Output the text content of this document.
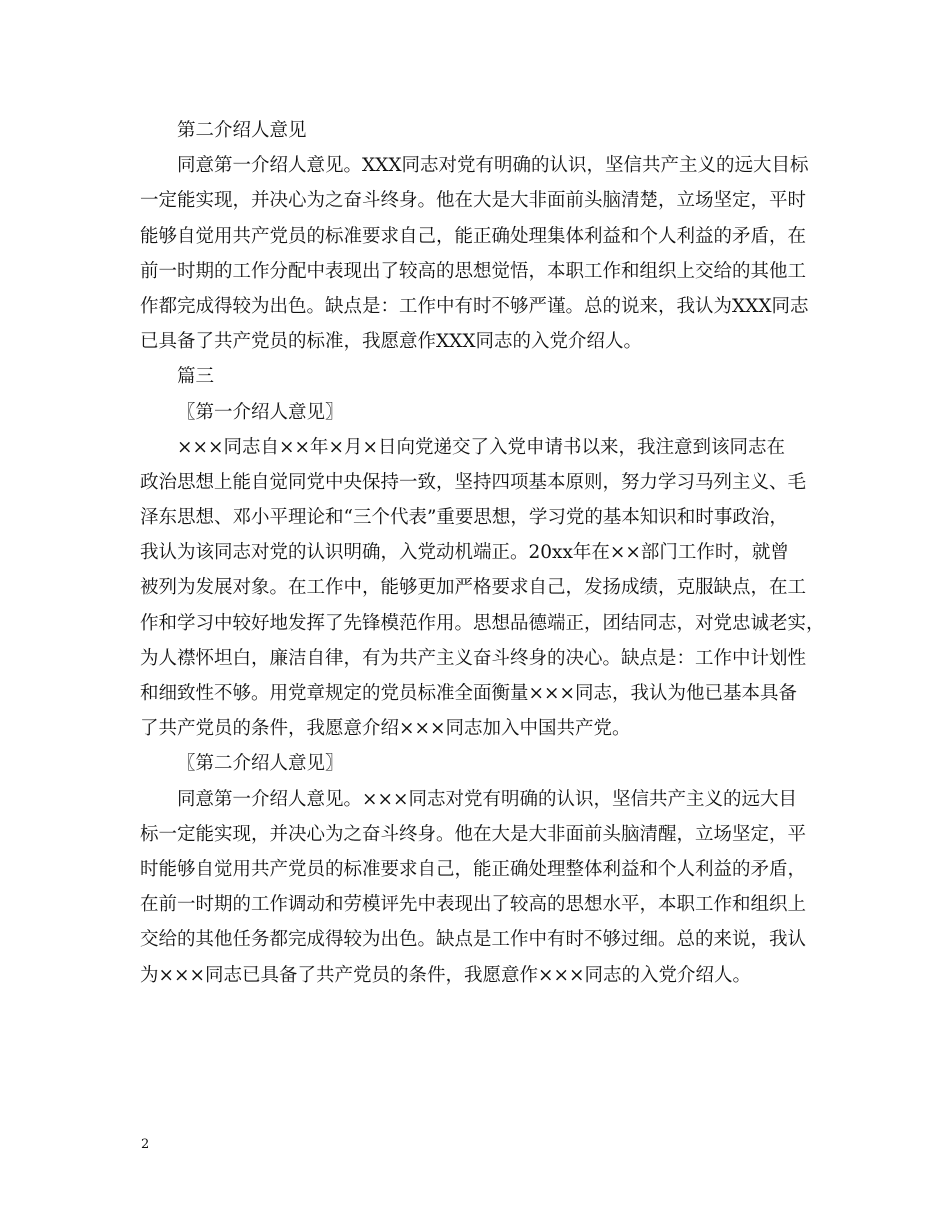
第二介绍人意见
同意第一介绍人意见。XXX同志对党有明确的认识，坚信共产主义的远大目标
一定能实现，并决心为之奋斗终身。他在大是大非面前头脑清楚，立场坚定，平时
能够自觉用共产党员的标准要求自己，能正确处理集体利益和个人利益的矛盾，在
前一时期的工作分配中表现出了较高的思想觉悟，本职工作和组织上交给的其他工
作都完成得较为出色。缺点是：工作中有时不够严谨。总的说来，我认为XXX同志
已具备了共产党员的标准，我愿意作XXX同志的入党介绍人。
篇三
〖第一介绍人意见〗
×××同志自××年×月×日向党递交了入党申请书以来，我注意到该同志在
政治思想上能自觉同党中央保持一致，坚持四项基本原则，努力学习马列主义、毛
泽东思想、邓小平理论和“三个代表”重要思想，学习党的基本知识和时事政治，
我认为该同志对党的认识明确，入党动机端正。20xx年在××部门工作时，就曾
被列为发展对象。在工作中，能够更加严格要求自己，发扬成绩，克服缺点，在工
作和学习中较好地发挥了先锋模范作用。思想品德端正，团结同志，对党忠诚老实，
为人襟怀坦白，廉洁自律，有为共产主义奋斗终身的决心。缺点是：工作中计划性
和细致性不够。用党章规定的党员标准全面衡量×××同志，我认为他已基本具备
了共产党员的条件，我愿意介绍×××同志加入中国共产党。
〖第二介绍人意见〗
同意第一介绍人意见。×××同志对党有明确的认识，坚信共产主义的远大目
标一定能实现，并决心为之奋斗终身。他在大是大非面前头脑清醒，立场坚定，平
时能够自觉用共产党员的标准要求自己，能正确处理整体利益和个人利益的矛盾，
在前一时期的工作调动和劳模评先中表现出了较高的思想水平，本职工作和组织上
交给的其他任务都完成得较为出色。缺点是工作中有时不够过细。总的来说，我认
为×××同志已具备了共产党员的条件，我愿意作×××同志的入党介绍人。
2
